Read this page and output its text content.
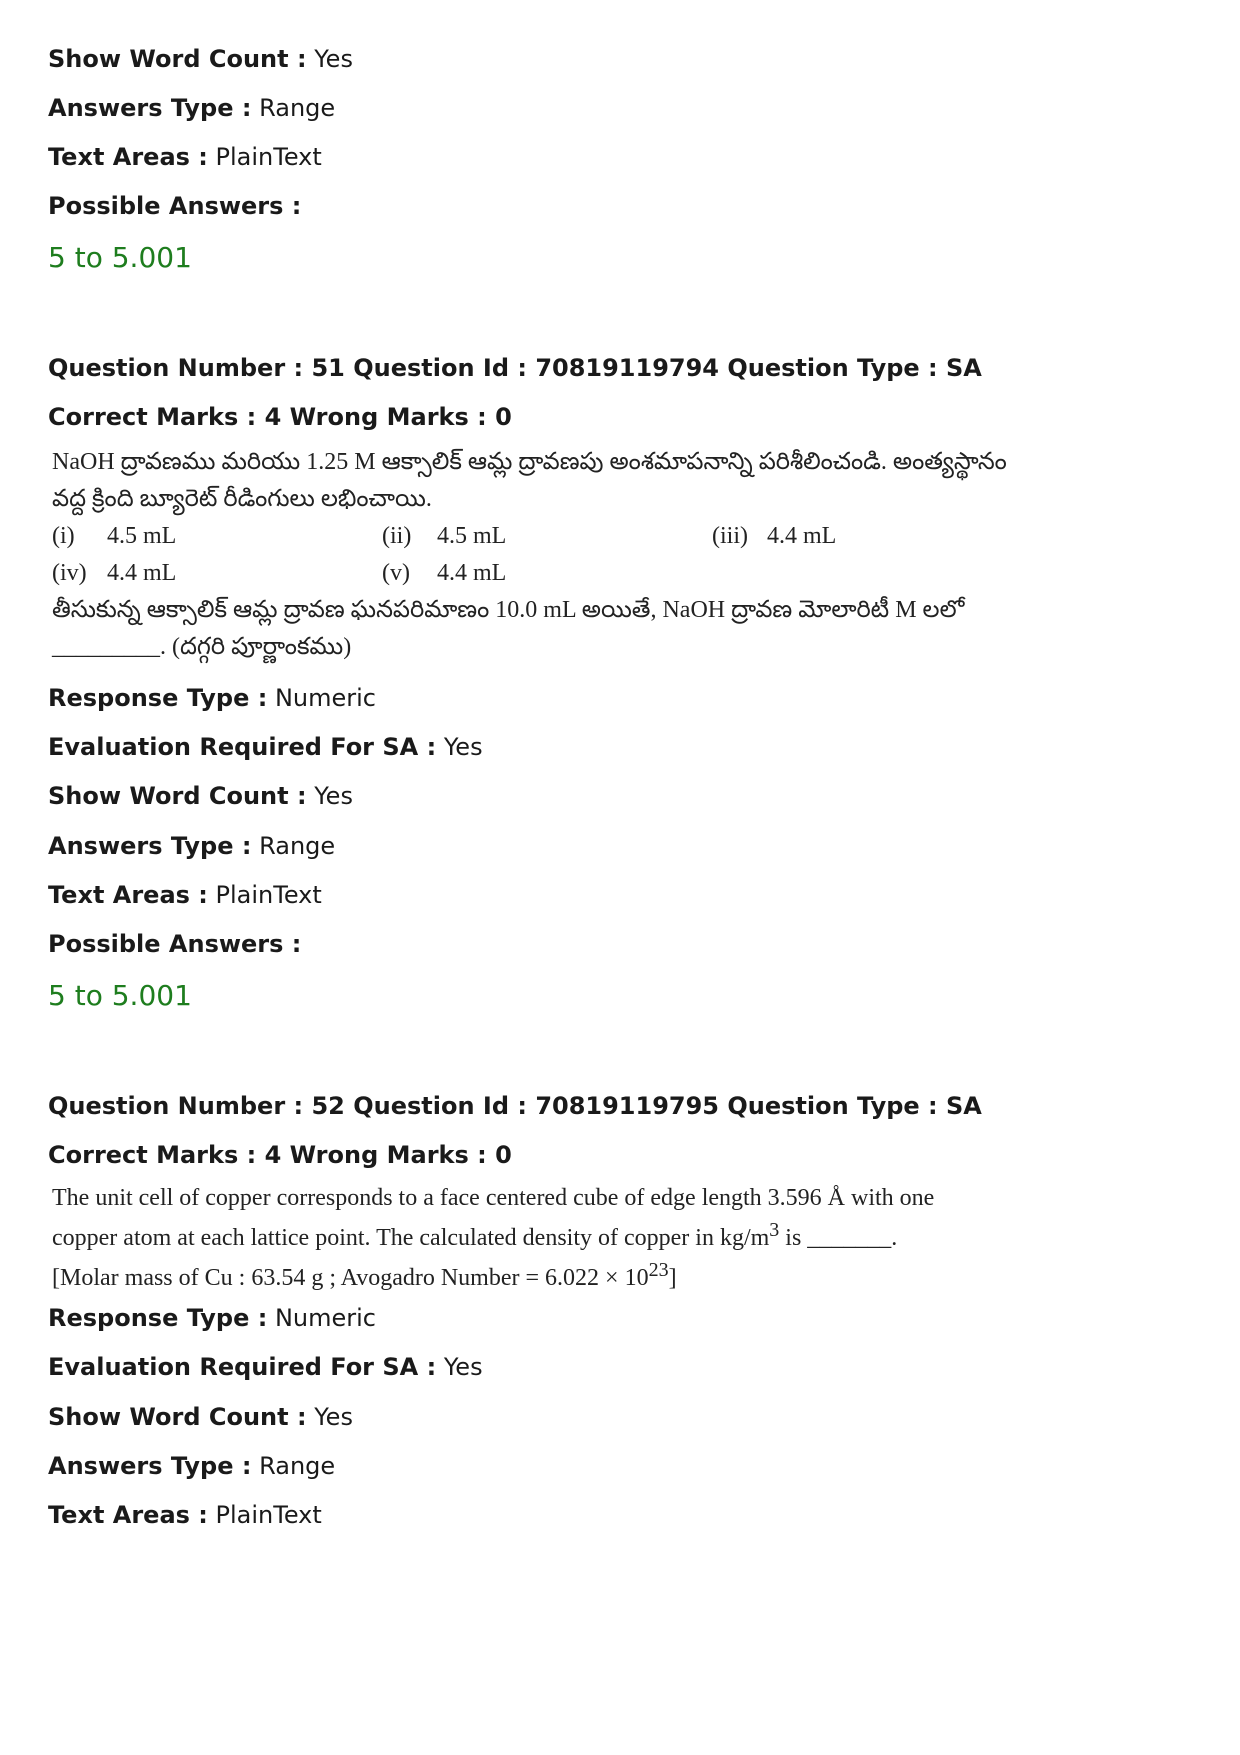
Show Word Count : Yes
Answers Type : Range
Text Areas : PlainText
Possible Answers :
5 to 5.001
Question Number : 51 Question Id : 70819119794 Question Type : SA
Correct Marks : 4 Wrong Marks : 0
NaOH ద్రావణము మరియు 1.25 M ఆక్సాలిక్ ఆమ్ల ద్రావణపు అంశమాపనాన్ని పరిశీలించండి. అంత్యస్థానం
వద్ద క్రింది బ్యూరెట్ రీడింగులు లభించాయి.
(i) 4.5 mL	(ii) 4.5 mL	(iii) 4.4 mL
(iv) 4.4 mL	(v) 4.4 mL
తీసుకున్న ఆక్సాలిక్ ఆమ్ల ద్రావణ ఘనపరిమాణం 10.0 mL అయితే, NaOH ద్రావణ మోలారిటీ M లలో
_________. (దగ్గరి పూర్ణాంకము)
Response Type : Numeric
Evaluation Required For SA : Yes
Show Word Count : Yes
Answers Type : Range
Text Areas : PlainText
Possible Answers :
5 to 5.001
Question Number : 52 Question Id : 70819119795 Question Type : SA
Correct Marks : 4 Wrong Marks : 0
The unit cell of copper corresponds to a face centered cube of edge length 3.596 Å with one
copper atom at each lattice point. The calculated density of copper in $kg/m^3$ is _______.
[Molar mass of Cu : 63.54 g ; Avogadro Number = $6.022 \times 10^{23}$]
Response Type : Numeric
Evaluation Required For SA : Yes
Show Word Count : Yes
Answers Type : Range
Text Areas : PlainText
